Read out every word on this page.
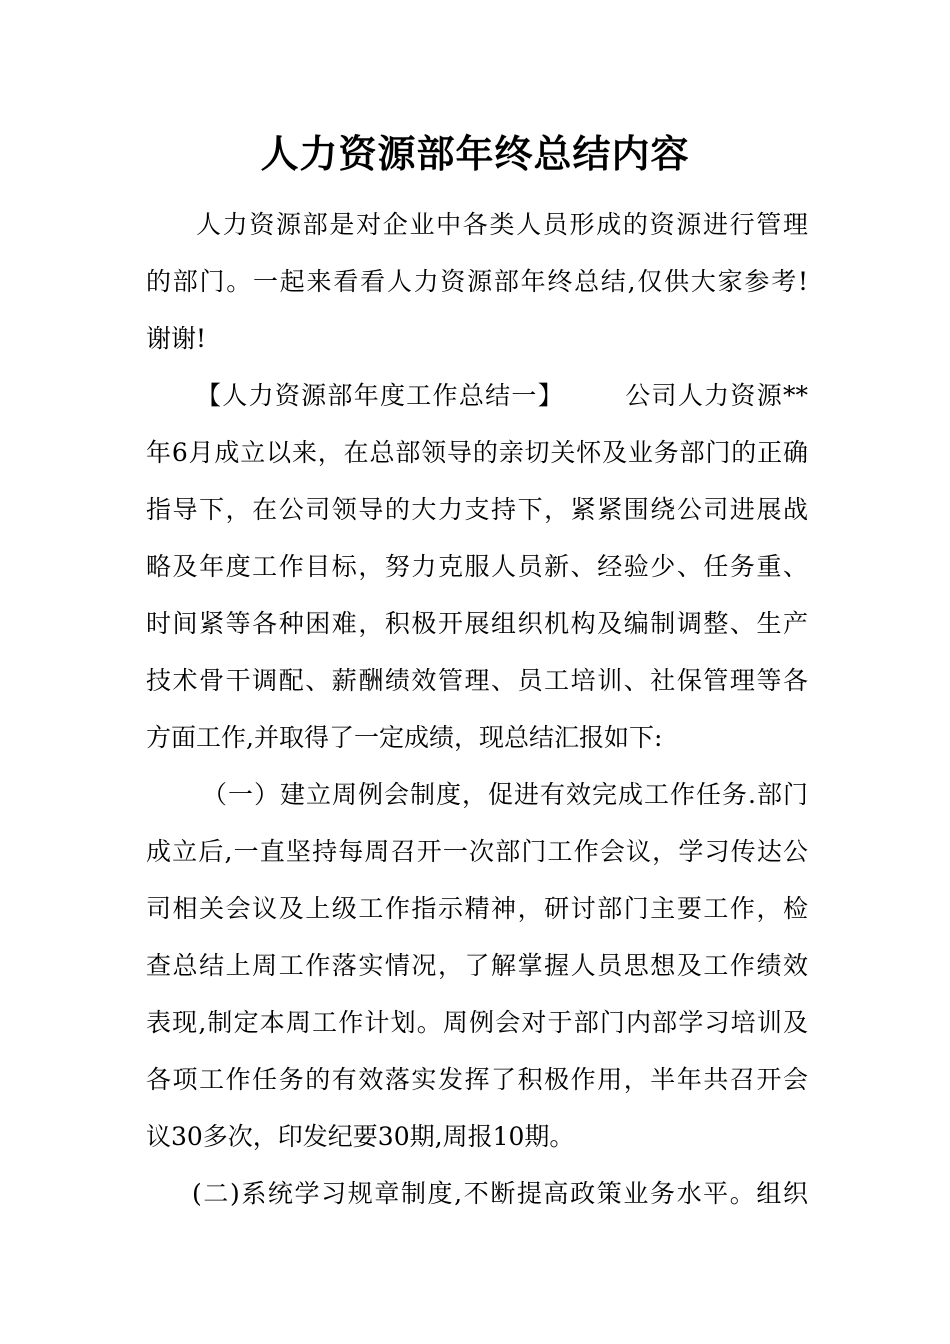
人力资源部年终总结内容
人力资源部是对企业中各类人员形成的资源进行管理
的部门。一起来看看人力资源部年终总结,仅供大家参考!
谢谢!
【人力资源部年度工作总结一】 公司人力资源**
年6月成立以来，在总部领导的亲切关怀及业务部门的正确
指导下，在公司领导的大力支持下，紧紧围绕公司进展战
略及年度工作目标，努力克服人员新、经验少、任务重、
时间紧等各种困难，积极开展组织机构及编制调整、生产
技术骨干调配、薪酬绩效管理、员工培训、社保管理等各
方面工作,并取得了一定成绩，现总结汇报如下:
（一）建立周例会制度，促进有效完成工作任务.部门
成立后,一直坚持每周召开一次部门工作会议，学习传达公
司相关会议及上级工作指示精神，研讨部门主要工作，检
查总结上周工作落实情况，了解掌握人员思想及工作绩效
表现,制定本周工作计划。周例会对于部门内部学习培训及
各项工作任务的有效落实发挥了积极作用，半年共召开会
议30多次，印发纪要30期,周报10期。
(二)系统学习规章制度,不断提高政策业务水平。组织
